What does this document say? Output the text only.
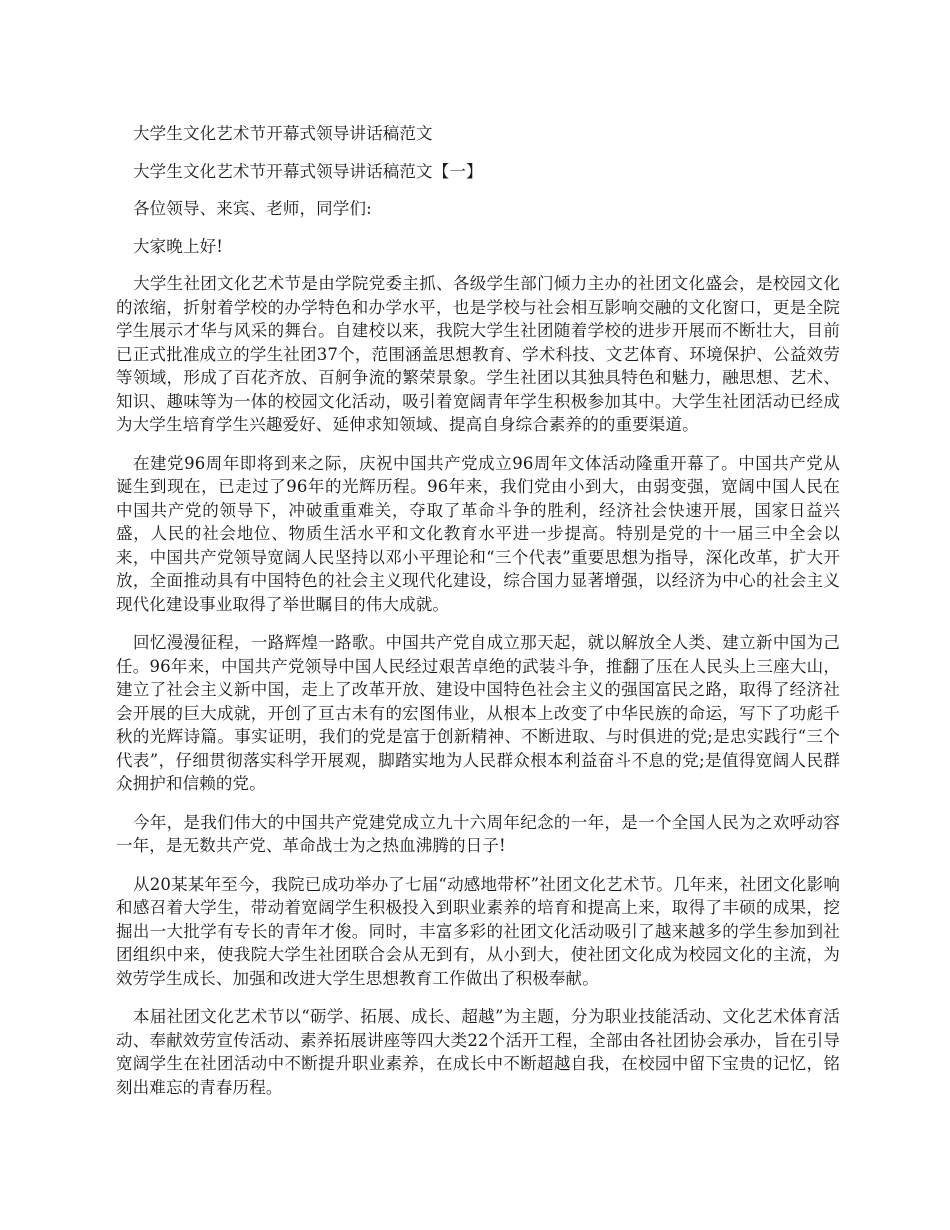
大学生文化艺术节开幕式领导讲话稿范文

大学生文化艺术节开幕式领导讲话稿范文【一】

各位领导、来宾、老师，同学们:

大家晚上好!

大学生社团文化艺术节是由学院党委主抓、各级学生部门倾力主办的社团文化盛会，是校园文化的浓缩，折射着学校的办学特色和办学水平，也是学校与社会相互影响交融的文化窗口，更是全院学生展示才华与风采的舞台。自建校以来，我院大学生社团随着学校的进步开展而不断壮大，目前已正式批准成立的学生社团37个，范围涵盖思想教育、学术科技、文艺体育、环境保护、公益效劳等领域，形成了百花齐放、百舸争流的繁荣景象。学生社团以其独具特色和魅力，融思想、艺术、知识、趣味等为一体的校园文化活动，吸引着宽阔青年学生积极参加其中。大学生社团活动已经成为大学生培育学生兴趣爱好、延伸求知领域、提高自身综合素养的的重要渠道。

在建党96周年即将到来之际，庆祝中国共产党成立96周年文体活动隆重开幕了。中国共产党从诞生到现在，已走过了96年的光辉历程。96年来，我们党由小到大，由弱变强，宽阔中国人民在中国共产党的领导下，冲破重重难关，夺取了革命斗争的胜利，经济社会快速开展，国家日益兴盛，人民的社会地位、物质生活水平和文化教育水平进一步提高。特别是党的十一届三中全会以来，中国共产党领导宽阔人民坚持以邓小平理论和“三个代表”重要思想为指导，深化改革，扩大开放，全面推动具有中国特色的社会主义现代化建设，综合国力显著增强，以经济为中心的社会主义现代化建设事业取得了举世瞩目的伟大成就。

回忆漫漫征程，一路辉煌一路歌。中国共产党自成立那天起，就以解放全人类、建立新中国为己任。96年来，中国共产党领导中国人民经过艰苦卓绝的武装斗争，推翻了压在人民头上三座大山，建立了社会主义新中国，走上了改革开放、建设中国特色社会主义的强国富民之路，取得了经济社会开展的巨大成就，开创了亘古未有的宏图伟业，从根本上改变了中华民族的命运，写下了功彪千秋的光辉诗篇。事实证明，我们的党是富于创新精神、不断进取、与时俱进的党;是忠实践行“三个代表”，仔细贯彻落实科学开展观，脚踏实地为人民群众根本利益奋斗不息的党;是值得宽阔人民群众拥护和信赖的党。

今年，是我们伟大的中国共产党建党成立九十六周年纪念的一年，是一个全国人民为之欢呼动容一年，是无数共产党、革命战士为之热血沸腾的日子!

从20某某年至今，我院已成功举办了七届“动感地带杯”社团文化艺术节。几年来，社团文化影响和感召着大学生，带动着宽阔学生积极投入到职业素养的培育和提高上来，取得了丰硕的成果，挖掘出一大批学有专长的青年才俊。同时，丰富多彩的社团文化活动吸引了越来越多的学生参加到社团组织中来，使我院大学生社团联合会从无到有，从小到大，使社团文化成为校园文化的主流，为效劳学生成长、加强和改进大学生思想教育工作做出了积极奉献。

本届社团文化艺术节以“砺学、拓展、成长、超越”为主题，分为职业技能活动、文化艺术体育活动、奉献效劳宣传活动、素养拓展讲座等四大类22个活开工程，全部由各社团协会承办，旨在引导宽阔学生在社团活动中不断提升职业素养，在成长中不断超越自我，在校园中留下宝贵的记忆，铭刻出难忘的青春历程。
